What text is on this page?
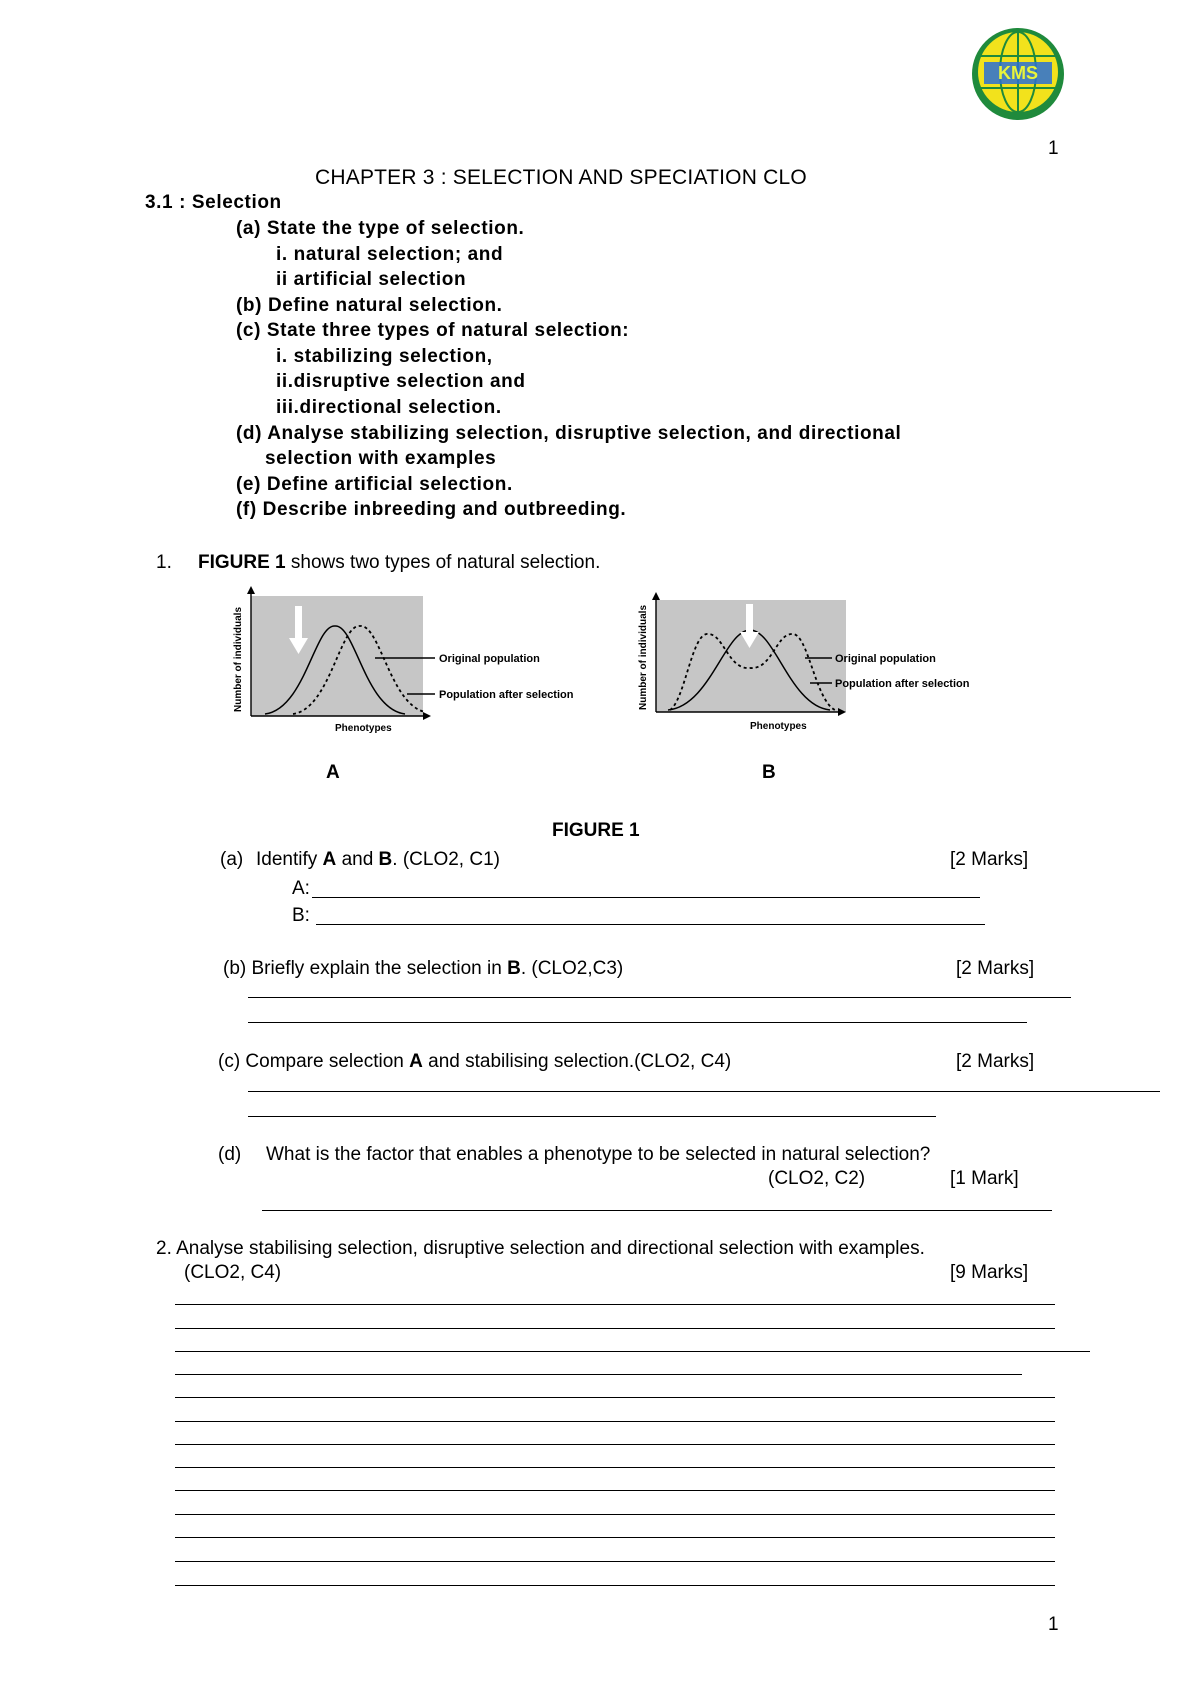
1
KMS
CHAPTER 3 : SELECTION AND SPECIATION CLO
3.1 : Selection
(a) State the type of selection.
i. natural selection; and
ii artificial selection
(b) Define natural selection.
(c) State three types of natural selection:
i. stabilizing selection,
ii.disruptive selection and
iii.directional selection.
(d) Analyse stabilizing selection, disruptive selection, and directional
selection with examples
(e) Define artificial selection.
(f) Describe inbreeding and outbreeding.
1. FIGURE 1 shows two types of natural selection.
Original population
Population after selection
Phenotypes
Number of individuals	Original population
Population after selection
Phenotypes
Number of individuals
A	B
FIGURE 1
(a) Identify A and B. (CLO2, C1)	[2 Marks]
A:
B:
(b) Briefly explain the selection in B. (CLO2,C3)	[2 Marks]
(c) Compare selection A and stabilising selection.(CLO2, C4)	[2 Marks]
(d) What is the factor that enables a phenotype to be selected in natural selection?
(CLO2, C2)	[1 Mark]
2. Analyse stabilising selection, disruptive selection and directional selection with examples.
(CLO2, C4)	[9 Marks]
1
